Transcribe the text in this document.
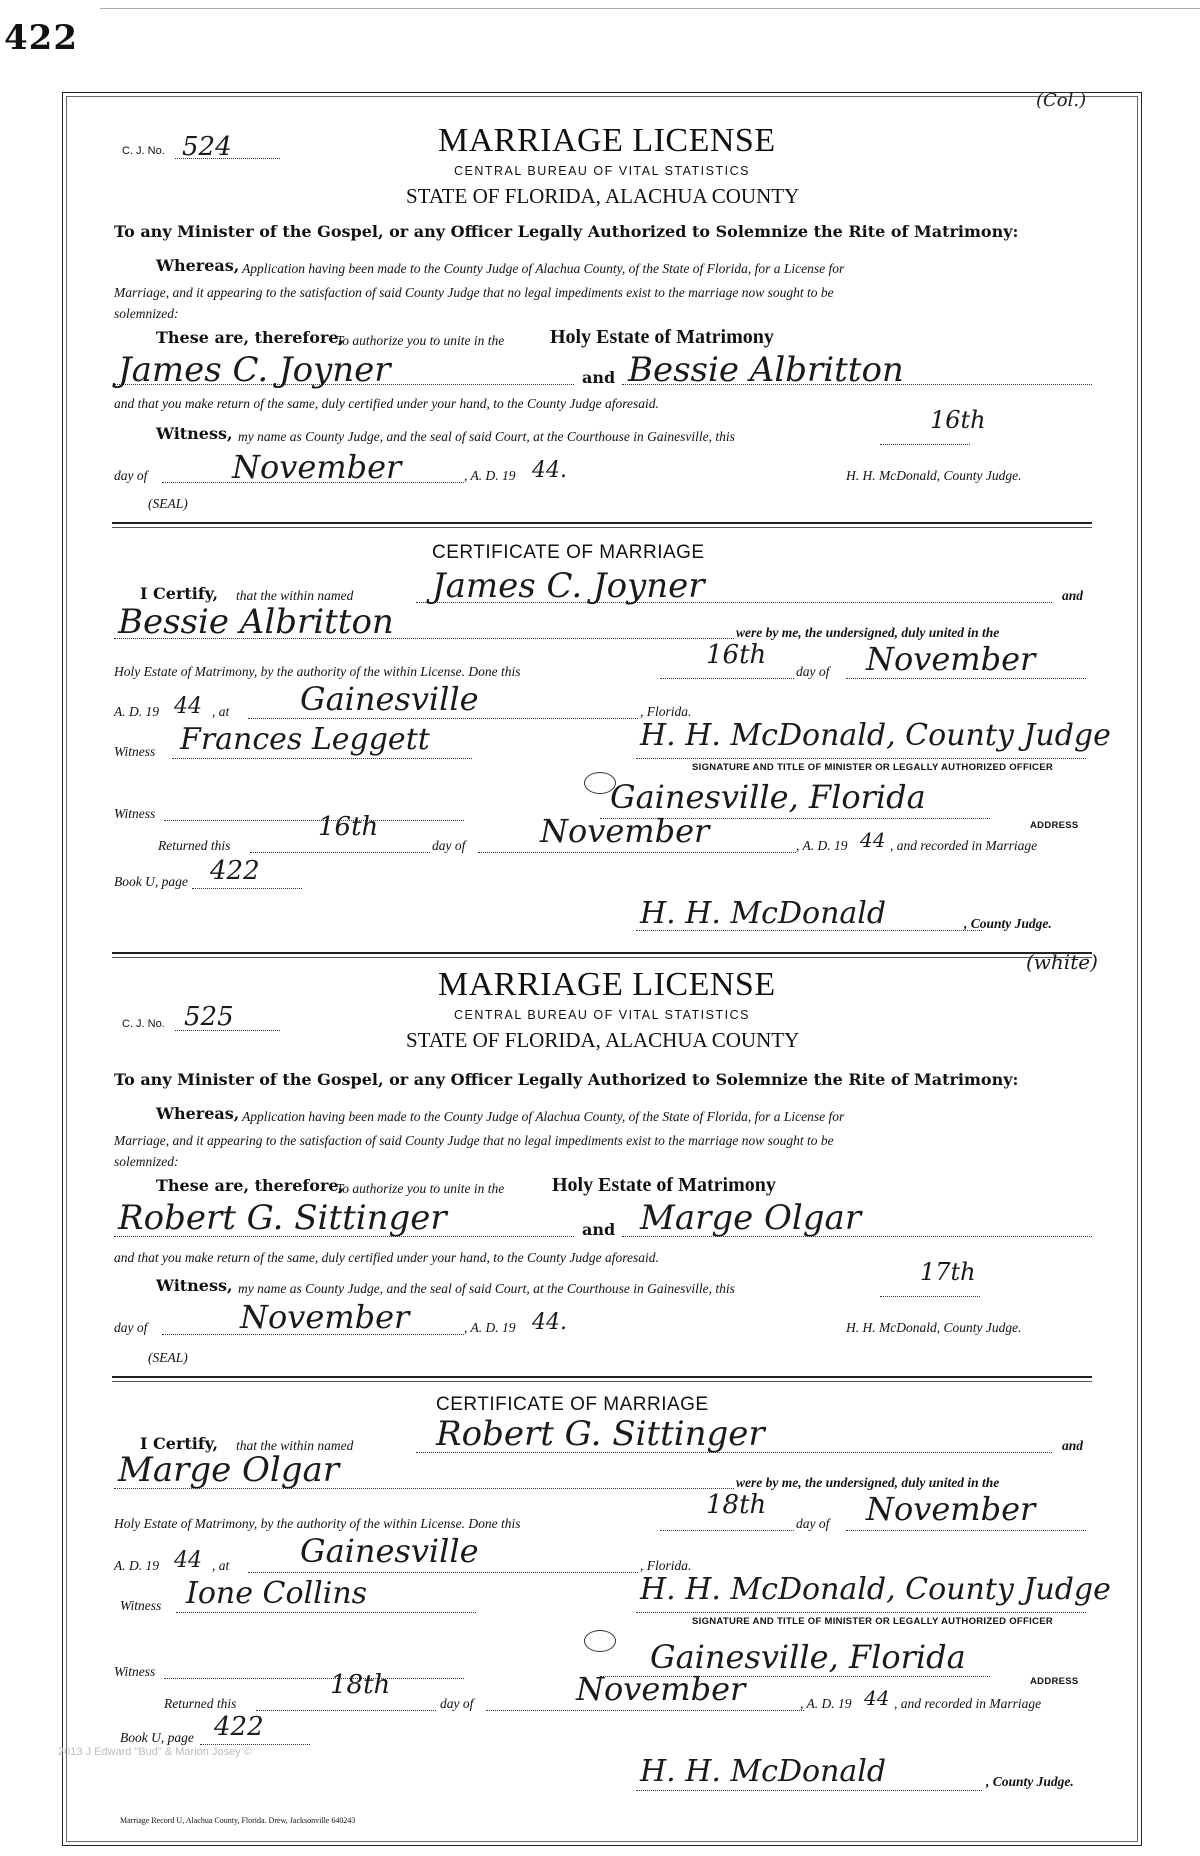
422
(Col.)
C. J. No. 524	MARRIAGE LICENSE
CENTRAL BUREAU OF VITAL STATISTICS
STATE OF FLORIDA, ALACHUA COUNTY
To any Minister of the Gospel, or any Officer Legally Authorized to Solemnize the Rite of Matrimony:
Whereas, Application having been made to the County Judge of Alachua County, of the State of Florida, for a License for
Marriage, and it appearing to the satisfaction of said County Judge that no legal impediments exist to the marriage now sought to be
solemnized:
These are, therefore,
To authorize you to unite in the Holy Estate of Matrimony
James C. Joyner	and Bessie Albritton
and that you make return of the same, duly certified under your hand, to the County Judge aforesaid.
Witness, my name as County Judge, and the seal of said Court, at the Courthouse in Gainesville, this
16th
day of	November	, A. D. 19 44.	H. H. McDonald, County Judge.
(SEAL)
CERTIFICATE OF MARRIAGE
I Certify, that the within named James C. Joyner	and
Bessie Albritton	were by me, the undersigned, duly united in the
Holy Estate of Matrimony, by the authority of the within License. Done this
16th
day of November
A. D. 19 44 , at Gainesville	, Florida.
Witness Frances Leggett	H. H. McDonald, County Judge
SIGNATURE AND TITLE OF MINISTER OR LEGALLY AUTHORIZED OFFICER
Witness	Gainesville, Florida
ADDRESS
Returned this
16th
day of November	, A. D. 19 44 , and recorded in Marriage
Book U, page 422
H. H. McDonald	, County Judge.
(white)
C. J. No. 525
MARRIAGE LICENSE
CENTRAL BUREAU OF VITAL STATISTICS
STATE OF FLORIDA, ALACHUA COUNTY
To any Minister of the Gospel, or any Officer Legally Authorized to Solemnize the Rite of Matrimony:
Whereas, Application having been made to the County Judge of Alachua County, of the State of Florida, for a License for
Marriage, and it appearing to the satisfaction of said County Judge that no legal impediments exist to the marriage now sought to be
solemnized:
These are, therefore,
To authorize you to unite in the Holy Estate of Matrimony
Robert G. Sittinger	and Marge Olgar
and that you make return of the same, duly certified under your hand, to the County Judge aforesaid.
Witness, my name as County Judge, and the seal of said Court, at the Courthouse in Gainesville, this
17th
day of	November	, A. D. 19 44.	H. H. McDonald, County Judge.
(SEAL)
CERTIFICATE OF MARRIAGE
I Certify, that the within named Robert G. Sittinger	and
Marge Olgar	were by me, the undersigned, duly united in the
Holy Estate of Matrimony, by the authority of the within License. Done this
18th
day of November
A. D. 19 44 , at Gainesville	, Florida.
Witness Ione Collins	H. H. McDonald, County Judge
SIGNATURE AND TITLE OF MINISTER OR LEGALLY AUTHORIZED OFFICER
Witness	Gainesville, Florida
ADDRESS
Returned this
18th
day of	November	, A. D. 19 44 , and recorded in Marriage
Book U, page 422
2013 J Edward "Bud" & Marion Josey ©
H. H. McDonald	, County Judge.
Marriage Record U, Alachua County, Florida. Drew, Jacksonville 640243
